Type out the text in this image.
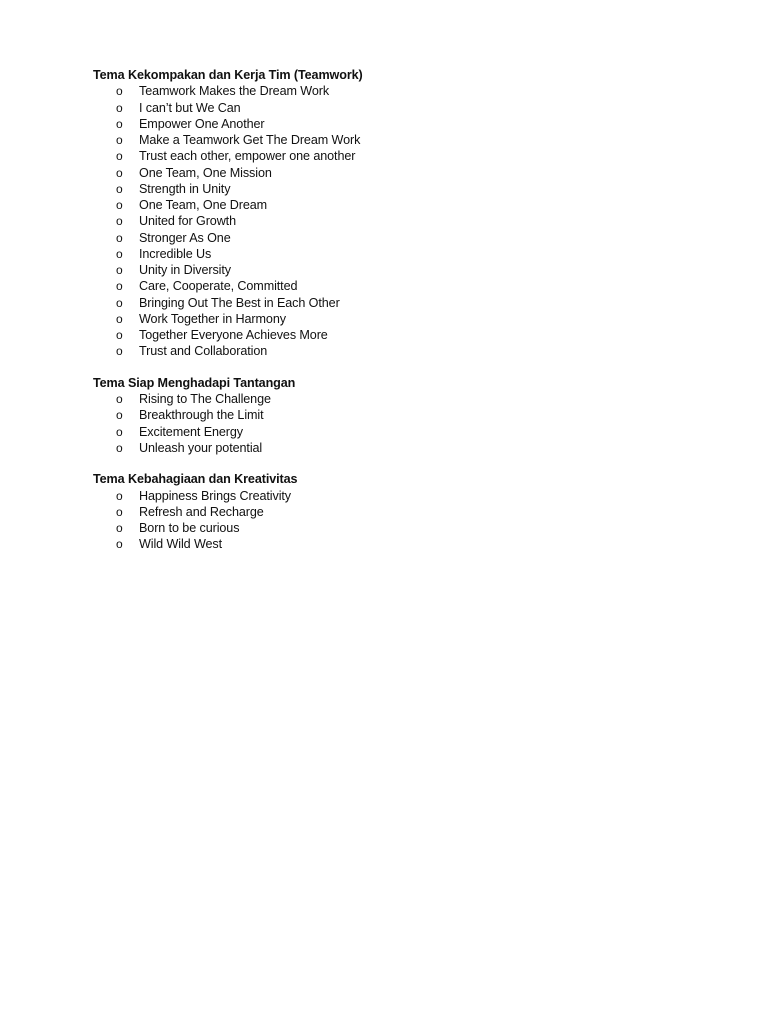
Tema Kekompakan dan Kerja Tim (Teamwork)
o	Teamwork Makes the Dream Work
o	I can’t but We Can
o	Empower One Another
o	Make a Teamwork Get The Dream Work
o	Trust each other, empower one another
o	One Team, One Mission
o	Strength in Unity
o	One Team, One Dream
o	United for Growth
o	Stronger As One
o	Incredible Us
o	Unity in Diversity
o	Care, Cooperate, Committed
o	Bringing Out The Best in Each Other
o	Work Together in Harmony
o	Together Everyone Achieves More
o	Trust and Collaboration
Tema Siap Menghadapi Tantangan
o	Rising to The Challenge
o	Breakthrough the Limit
o	Excitement Energy
o	Unleash your potential
Tema Kebahagiaan dan Kreativitas
o	Happiness Brings Creativity
o	Refresh and Recharge
o	Born to be curious
o	Wild Wild West
